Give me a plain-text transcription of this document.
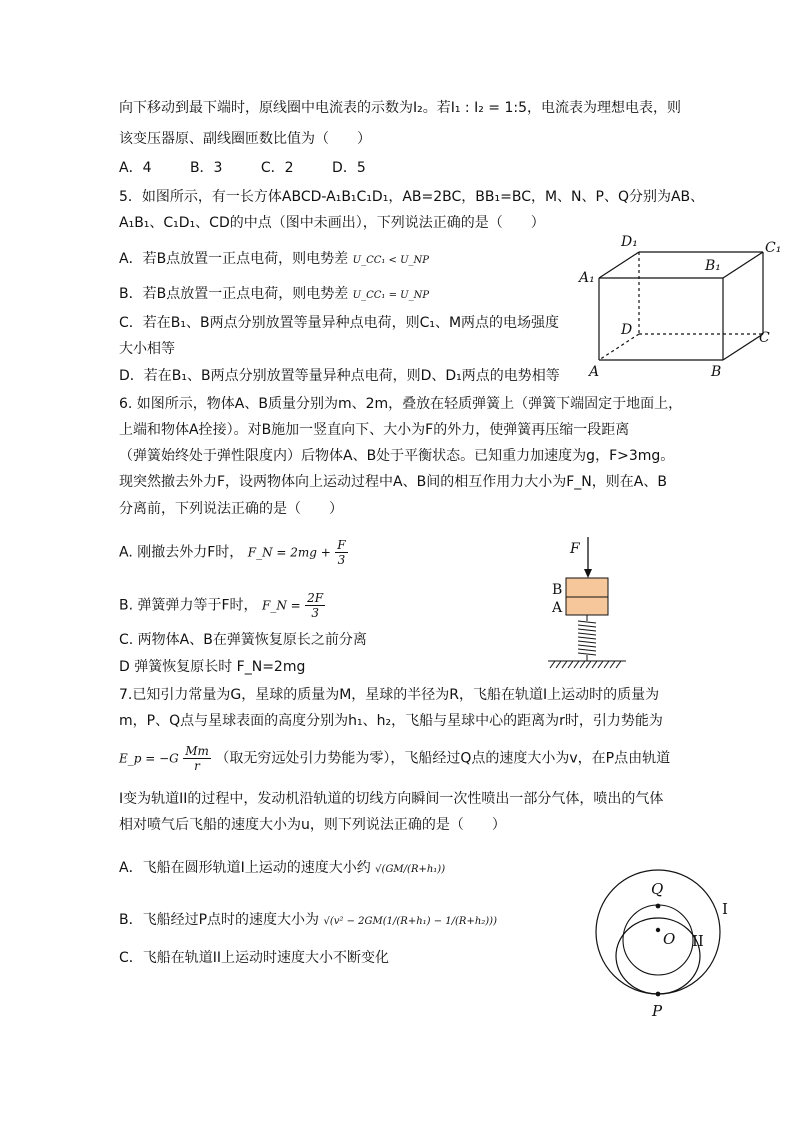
向下移动到最下端时，原线圈中电流表的示数为I₂。若I₁ : I₂ = 1:5，电流表为理想电表，则
该变压器原、副线圈匝数比值为（　　）
A．4	B．3	C．2	D．5
5．如图所示，有一长方体ABCD-A₁B₁C₁D₁，AB=2BC，BB₁=BC，M、N、P、Q分别为AB、
A₁B₁、C₁D₁、CD的中点（图中未画出），下列说法正确的是（　　）
A．若B点放置一正点电荷，则电势差 U_CC₁ < U_NP
B．若B点放置一正点电荷，则电势差 U_CC₁ = U_NP
C．若在B₁、B两点分别放置等量异种点电荷，则C₁、M两点的电场强度
大小相等
D．若在B₁、B两点分别放置等量异种点电荷，则D、D₁两点的电势相等
D₁	C₁
A₁
B₁
D	C
A	B
6. 如图所示，物体A、B质量分别为m、2m，叠放在轻质弹簧上（弹簧下端固定于地面上，
上端和物体A拴接）。对B施加一竖直向下、大小为F的外力，使弹簧再压缩一段距离
（弹簧始终处于弹性限度内）后物体A、B处于平衡状态。已知重力加速度为g，F>3mg。
现突然撤去外力F，设两物体向上运动过程中A、B间的相互作用力大小为F_N，则在A、B
分离前，下列说法正确的是（　　）
A. 刚撤去外力F时， F_N = $2mg + \frac{F}{3}$
B. 弹簧弹力等于F时， F_N = $\frac{2F}{3}$
C. 两物体A、B在弹簧恢复原长之前分离
D 弹簧恢复原长时 F_N=2mg
F
B
A
7.已知引力常量为G，星球的质量为M，星球的半径为R，飞船在轨道I上运动时的质量为
m，P、Q点与星球表面的高度分别为h₁、h₂，飞船与星球中心的距离为r时，引力势能为
E_p = $-G \frac{Mm}{r}$ （取无穷远处引力势能为零），飞船经过Q点的速度大小为v，在P点由轨道
I变为轨道II的过程中，发动机沿轨道的切线方向瞬间一次性喷出一部分气体，喷出的气体
相对喷气后飞船的速度大小为u，则下列说法正确的是（　　）
A．飞船在圆形轨道I上运动的速度大小约 √(GM/(R+h₁))
B．飞船经过P点时的速度大小为 √(v² − 2GM(1/(R+h₁) − 1/(R+h₂)))
C．飞船在轨道II上运动时速度大小不断变化
Q
O
P
I
II
